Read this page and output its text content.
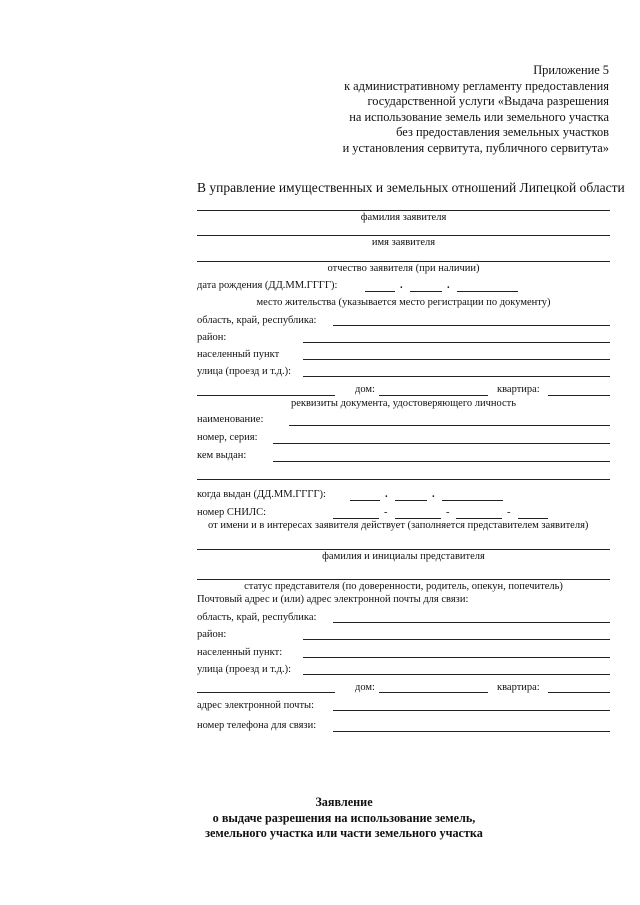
Приложение 5
к административному регламенту предоставления
государственной услуги «Выдача разрешения
на использование земель или земельного участка
без предоставления земельных участков
и установления сервитута, публичного сервитута»
В управление имущественных и земельных отношений Липецкой области
фамилия заявителя
имя заявителя
отчество заявителя (при наличии)
дата рождения (ДД.ММ.ГГГГ):	.	.
место жительства (указывается место регистрации по документу)
область, край, республика:
район:
населенный пункт
улица (проезд и т.д.):
дом:	квартира:
реквизиты документа, удостоверяющего личность
наименование:
номер, серия:
кем выдан:
когда выдан (ДД.ММ.ГГГГ):	.	.
номер СНИЛС:	-	-	-
от имени и в интересах заявителя действует (заполняется представителем заявителя)
фамилия и инициалы представителя
статус представителя (по доверенности, родитель, опекун, попечитель)
Почтовый адрес и (или) адрес электронной почты для связи:
область, край, республика:
район:
населенный пункт:
улица (проезд и т.д.):
дом:	квартира:
адрес электронной почты:
номер телефона для связи:
Заявление
о выдаче разрешения на использование земель,
земельного участка или части земельного участка
